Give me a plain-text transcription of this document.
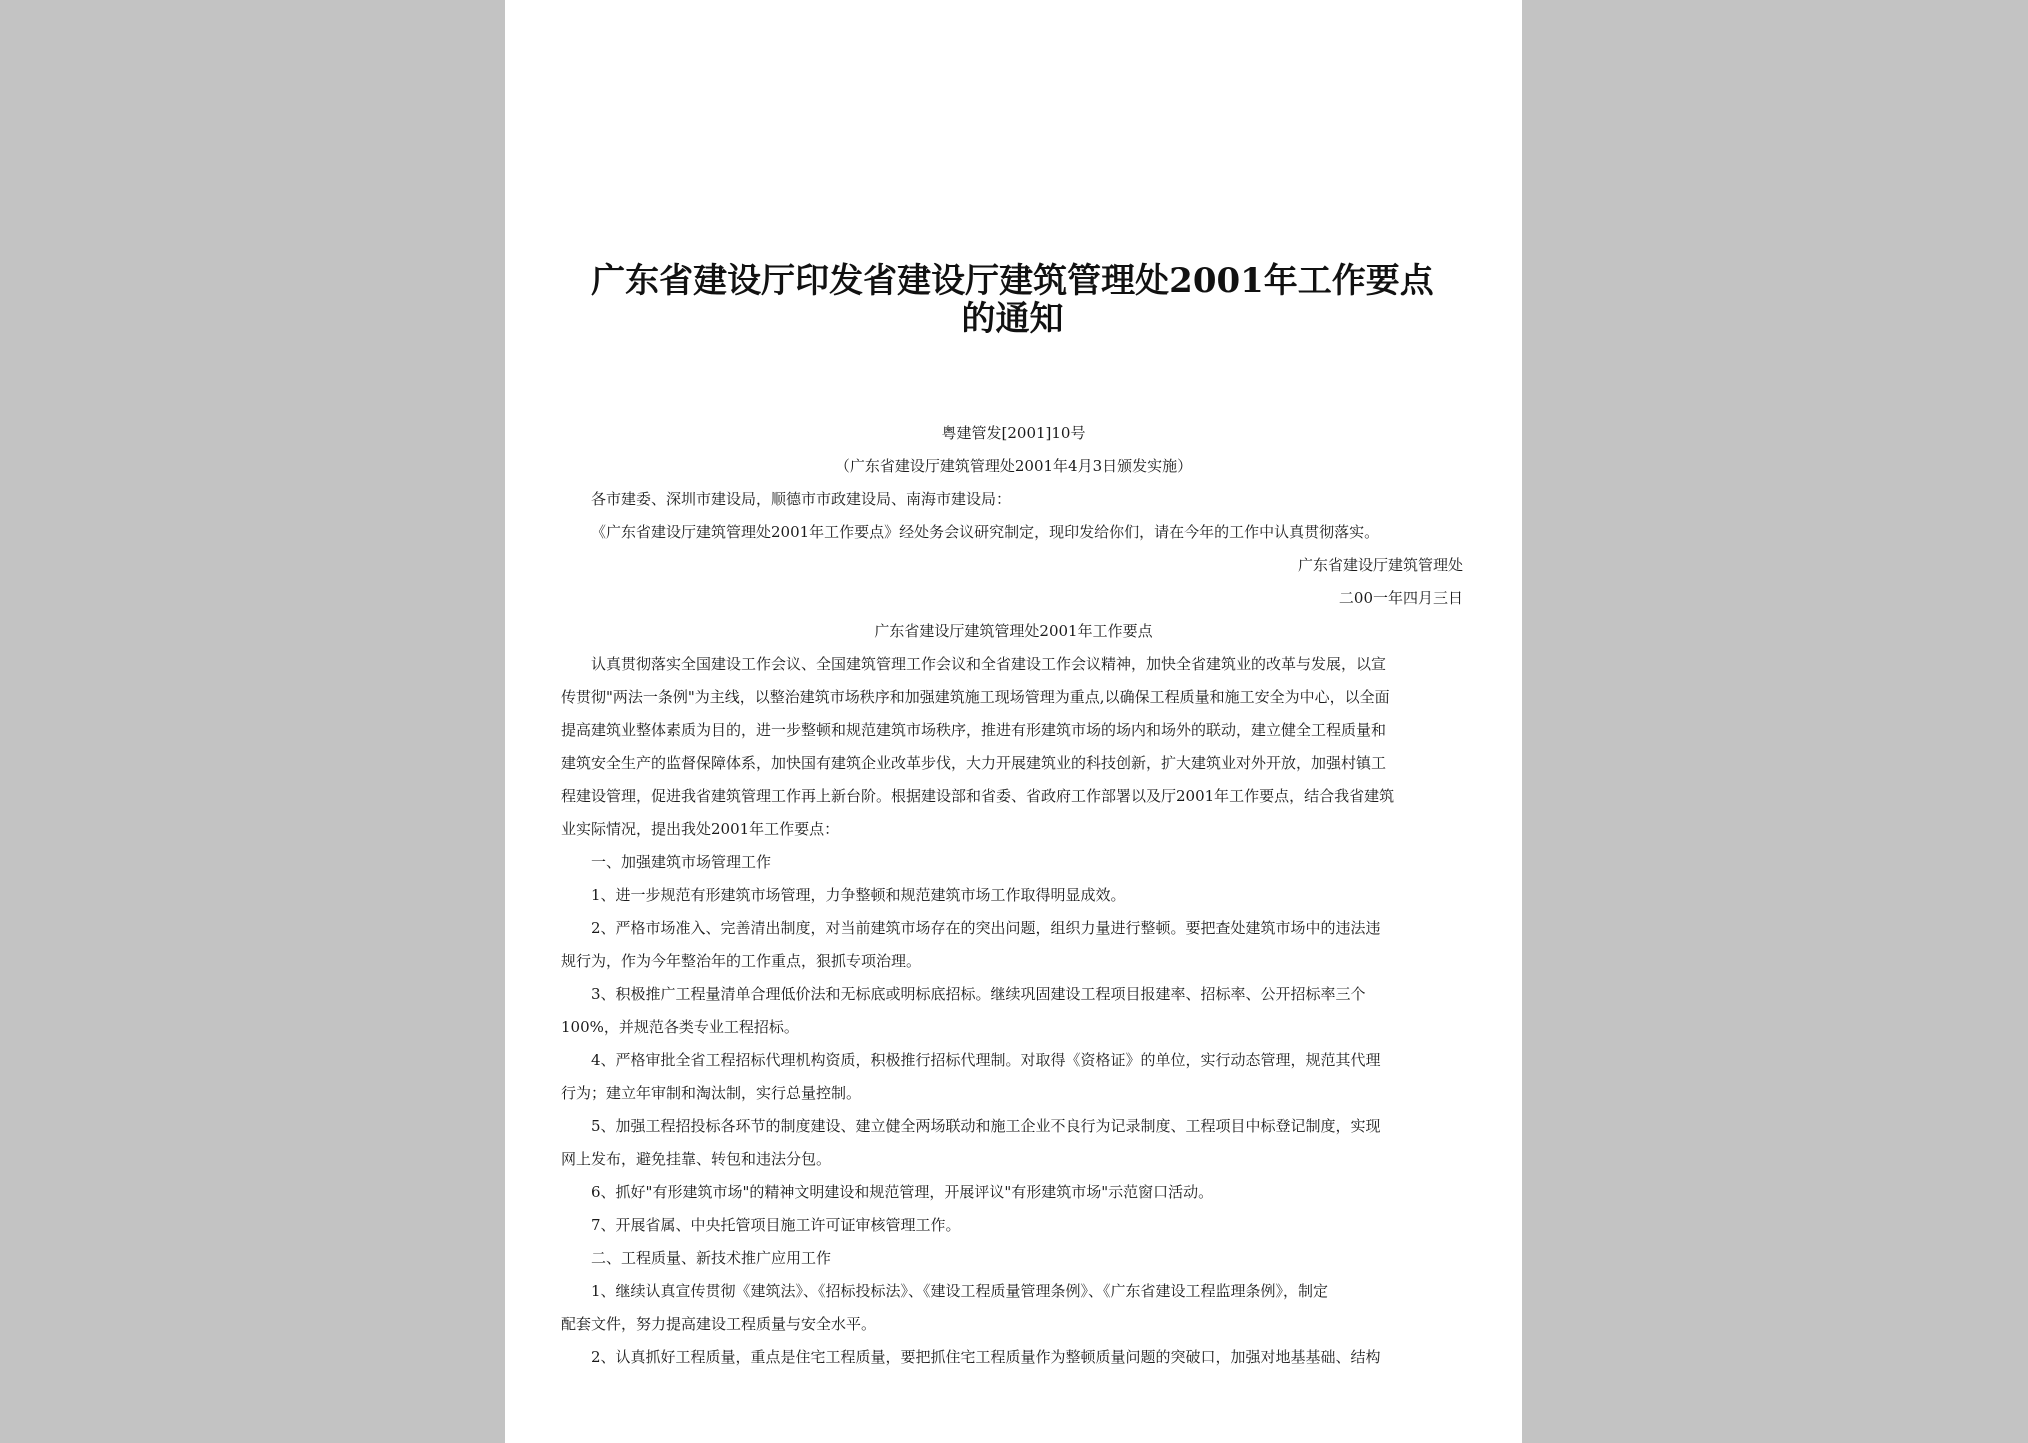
广东省建设厅印发省建设厅建筑管理处2001年工作要点的通知
粤建管发[2001]10号
（广东省建设厅建筑管理处2001年4月3日颁发实施）
各市建委、深圳市建设局，顺德市市政建设局、南海市建设局：
《广东省建设厅建筑管理处2001年工作要点》经处务会议研究制定，现印发给你们，请在今年的工作中认真贯彻落实。
广东省建设厅建筑管理处
二00一年四月三日
广东省建设厅建筑管理处2001年工作要点
认真贯彻落实全国建设工作会议、全国建筑管理工作会议和全省建设工作会议精神，加快全省建筑业的改革与发展，以宣
传贯彻"两法一条例"为主线，以整治建筑市场秩序和加强建筑施工现场管理为重点,以确保工程质量和施工安全为中心，以全面
提高建筑业整体素质为目的，进一步整顿和规范建筑市场秩序，推进有形建筑市场的场内和场外的联动，建立健全工程质量和
建筑安全生产的监督保障体系，加快国有建筑企业改革步伐，大力开展建筑业的科技创新，扩大建筑业对外开放，加强村镇工
程建设管理，促进我省建筑管理工作再上新台阶。根据建设部和省委、省政府工作部署以及厅2001年工作要点，结合我省建筑
业实际情况，提出我处2001年工作要点：
一、加强建筑市场管理工作
1、进一步规范有形建筑市场管理，力争整顿和规范建筑市场工作取得明显成效。
2、严格市场准入、完善清出制度，对当前建筑市场存在的突出问题，组织力量进行整顿。要把查处建筑市场中的违法违
规行为，作为今年整治年的工作重点，狠抓专项治理。
3、积极推广工程量清单合理低价法和无标底或明标底招标。继续巩固建设工程项目报建率、招标率、公开招标率三个
100%，并规范各类专业工程招标。
4、严格审批全省工程招标代理机构资质，积极推行招标代理制。对取得《资格证》的单位，实行动态管理，规范其代理
行为；建立年审制和淘汰制，实行总量控制。
5、加强工程招投标各环节的制度建设、建立健全两场联动和施工企业不良行为记录制度、工程项目中标登记制度，实现
网上发布，避免挂靠、转包和违法分包。
6、抓好"有形建筑市场"的精神文明建设和规范管理，开展评议"有形建筑市场"示范窗口活动。
7、开展省属、中央托管项目施工许可证审核管理工作。
二、工程质量、新技术推广应用工作
1、继续认真宣传贯彻《建筑法》、《招标投标法》、《建设工程质量管理条例》、《广东省建设工程监理条例》，制定
配套文件，努力提高建设工程质量与安全水平。
2、认真抓好工程质量，重点是住宅工程质量，要把抓住宅工程质量作为整顿质量问题的突破口，加强对地基基础、结构
